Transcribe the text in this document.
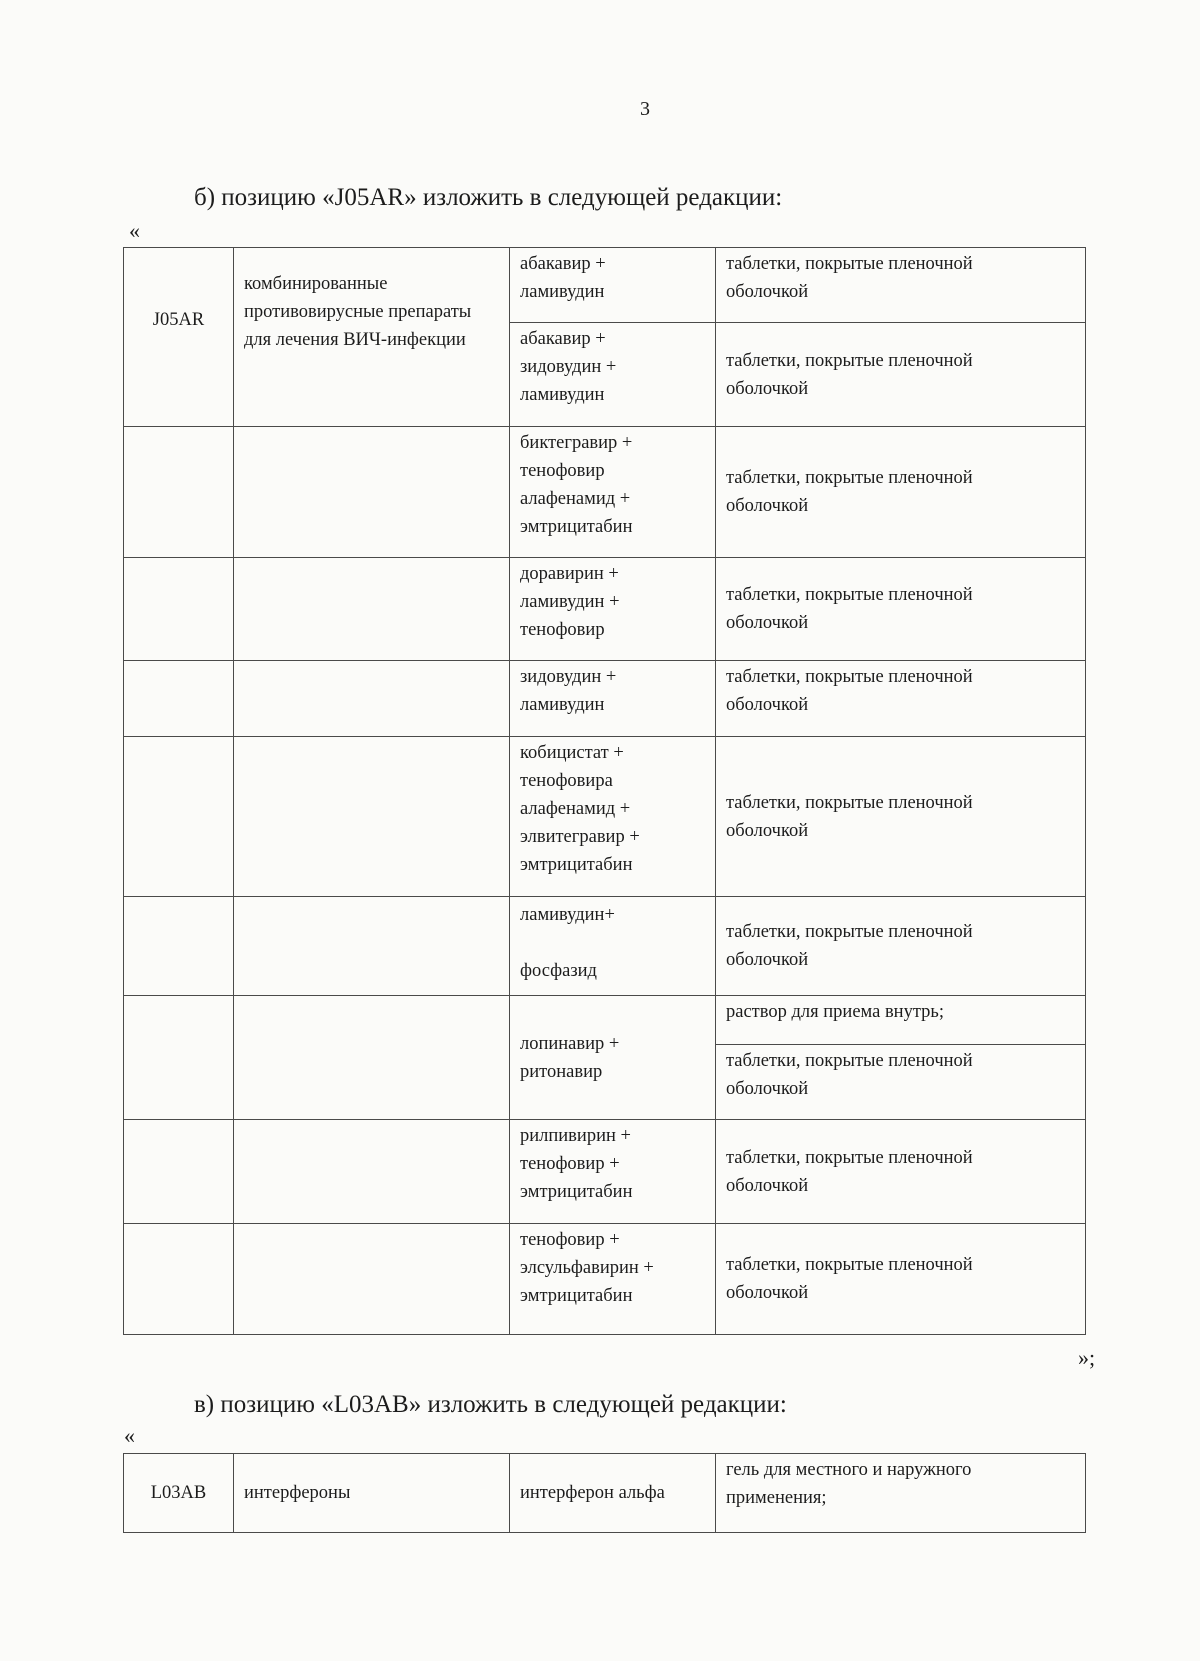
3
б) позицию «J05AR» изложить в следующей редакции:
«
J05AR
комбинированные противовирусные препараты для лечения ВИЧ-инфекции
абакавир +
ламивудин
таблетки, покрытые пленочной
оболочкой
абакавир +
зидовудин +
ламивудин
таблетки, покрытые пленочной
оболочкой
биктегравир +
тенофовир
алафенамид +
эмтрицитабин
таблетки, покрытые пленочной
оболочкой
доравирин +
ламивудин +
тенофовир
таблетки, покрытые пленочной
оболочкой
зидовудин +
ламивудин
таблетки, покрытые пленочной
оболочкой
кобицистат +
тенофовира
алафенамид +
элвитегравир +
эмтрицитабин
таблетки, покрытые пленочной
оболочкой
ламивудин+

фосфазид
таблетки, покрытые пленочной
оболочкой
лопинавир +
ритонавир
раствор для приема внутрь;
таблетки, покрытые пленочной
оболочкой
рилпивирин +
тенофовир +
эмтрицитабин
таблетки, покрытые пленочной
оболочкой
тенофовир +
элсульфавирин +
эмтрицитабин
таблетки, покрытые пленочной
оболочкой
»;
в) позицию «L03AB» изложить в следующей редакции:
«
L03AB	интерфероны	интерферон альфа
гель для местного и наружного
применения;
